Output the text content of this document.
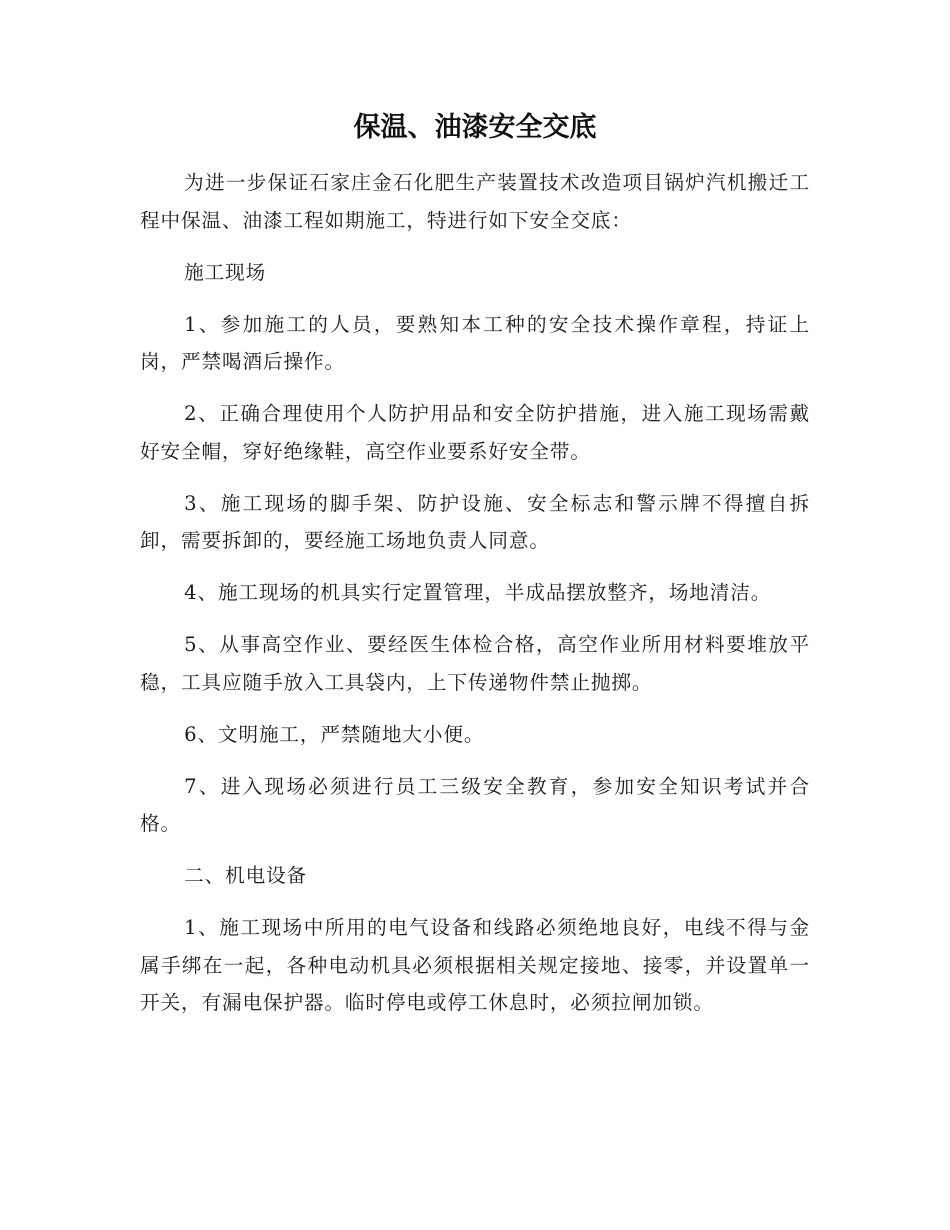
保温、油漆安全交底

为进一步保证石家庄金石化肥生产装置技术改造项目锅炉汽机搬迁工程中保温、油漆工程如期施工，特进行如下安全交底：

施工现场

1、参加施工的人员，要熟知本工种的安全技术操作章程，持证上岗，严禁喝酒后操作。

2、正确合理使用个人防护用品和安全防护措施，进入施工现场需戴好安全帽，穿好绝缘鞋，高空作业要系好安全带。

3、施工现场的脚手架、防护设施、安全标志和警示牌不得擅自拆卸，需要拆卸的，要经施工场地负责人同意。

4、施工现场的机具实行定置管理，半成品摆放整齐，场地清洁。

5、从事高空作业、要经医生体检合格，高空作业所用材料要堆放平稳，工具应随手放入工具袋内，上下传递物件禁止抛掷。

6、文明施工，严禁随地大小便。

7、进入现场必须进行员工三级安全教育，参加安全知识考试并合格。

二、机电设备

1、施工现场中所用的电气设备和线路必须绝地良好，电线不得与金属手绑在一起，各种电动机具必须根据相关规定接地、接零，并设置单一开关，有漏电保护器。临时停电或停工休息时，必须拉闸加锁。
